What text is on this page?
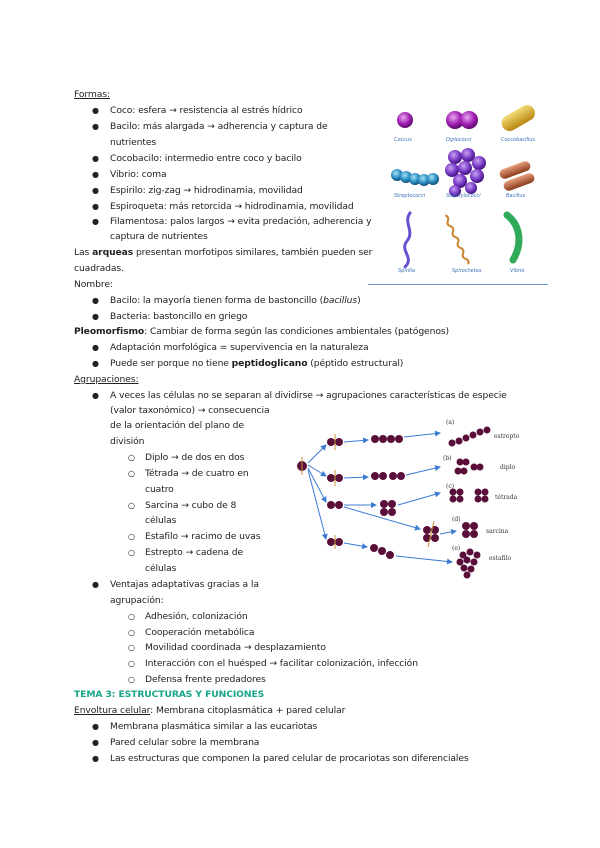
Formas:
● Coco: esfera → resistencia al estrés hídrico
● Bacilo: más alargada → adherencia y captura de
nutrientes
● Cocobacilo: intermedio entre coco y bacilo
● Vibrio: coma
● Espirilo: zig-zag → hidrodinamia, movilidad
● Espiroqueta: más retorcida → hidrodinamia, movilidad
● Filamentosa: palos largos → evita predación, adherencia y
captura de nutrientes
Las arqueas presentan morfotipos similares, también pueden ser
cuadradas.
Nombre:
● Bacilo: la mayoría tienen forma de bastoncillo (bacillus)
● Bacteria: bastoncillo en griego
Pleomorfismo: Cambiar de forma según las condiciones ambientales (patógenos)
● Adaptación morfológica = supervivencia en la naturaleza
● Puede ser porque no tiene peptidoglicano (péptido estructural)
Agrupaciones:
● A veces las células no se separan al dividirse → agrupaciones características de especie
(valor taxonómico) → consecuencia
de la orientación del plano de
división
○ Diplo → de dos en dos
○ Tétrada → de cuatro en
cuatro
○ Sarcina → cubo de 8
células
○ Estafilo → racimo de uvas
○ Estrepto → cadena de
células
● Ventajas adaptativas gracias a la
agrupación:
○ Adhesión, colonización
○ Cooperación metabólica
○ Movilidad coordinada → desplazamiento
○ Interacción con el huésped → facilitar colonización, infección
○ Defensa frente predadores
TEMA 3: ESTRUCTURAS Y FUNCIONES
Envoltura celular: Membrana citoplasmática + pared celular
● Membrana plasmática similar a las eucariotas
● Pared celular sobre la membrana
● Las estructuras que componen la pared celular de procariotas son diferenciales
Coccus	Diplococci	Coccobacillus
Streptococci	Staphylococci	Bacillus
Spirilla	Spirochetes	Vibrio
(a)
estrepto
(b)
diplo
(c)
tétrada
(d)
sarcina
(e)
estafilo
